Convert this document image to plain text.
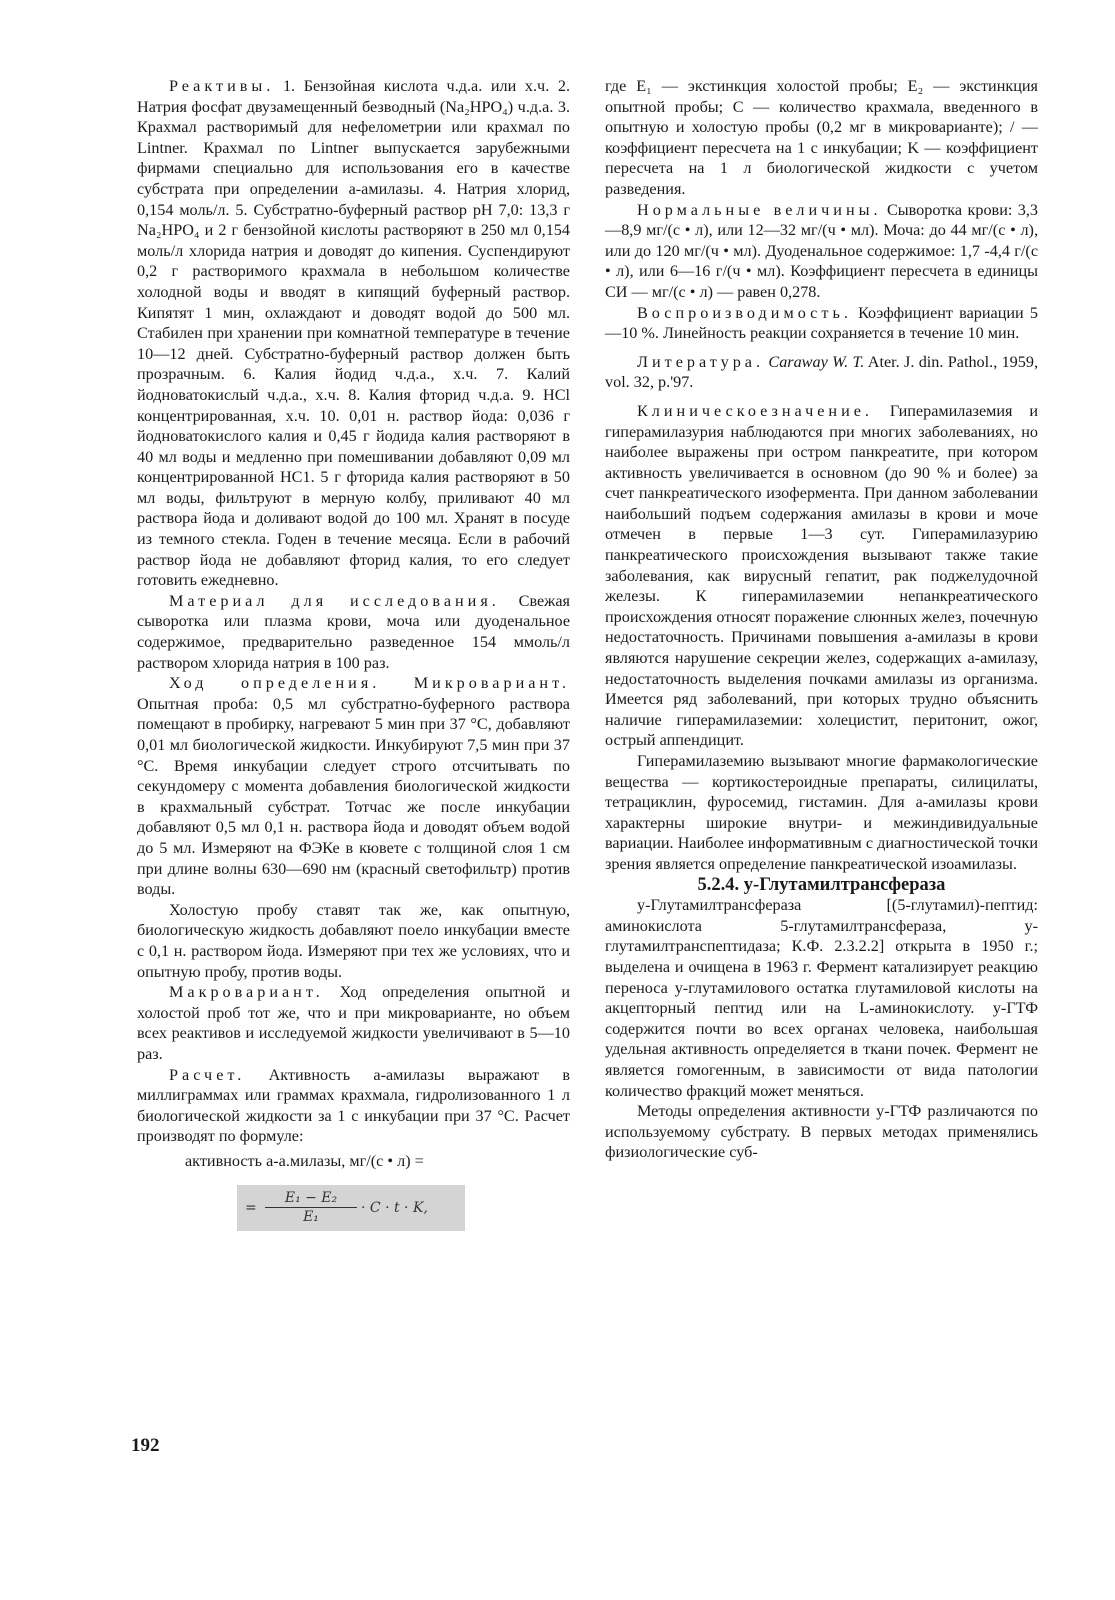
Реактивы. 1. Бензойная кислота ч.д.а. или х.ч. 2. Натрия фосфат двузамещенный безводный (Na₂HPO₄) ч.д.а. 3. Крахмал растворимый для нефелометрии или крахмал по Lintner. Крахмал по Lintner выпускается зарубежными фирмами специально для использования его в качестве субстрата при определении а-амилазы. 4. Натрия хлорид, 0,154 моль/л. 5. Субстратно-буферный раствор рН 7,0: 13,3 г Na₂HPO₄ и 2 г бензойной кислоты растворяют в 250 мл 0,154 моль/л хлорида натрия и доводят до кипения. Суспендируют 0,2 г растворимого крахмала в небольшом количестве холодной воды и вводят в кипящий буферный раствор. Кипятят 1 мин, охлаждают и доводят водой до 500 мл. Стабилен при хранении при комнатной температуре в течение 10—12 дней. Субстратно-буферный раствор должен быть прозрачным. 6. Калия йодид ч.д.а., х.ч. 7. Калий йодноватокислый ч.д.а., х.ч. 8. Калия фторид ч.д.а. 9. НСl концентрированная, х.ч. 10. 0,01 н. раствор йода: 0,036 г йодноватокислого калия и 0,45 г йодида калия растворяют в 40 мл воды и медленно при помешивании добавляют 0,09 мл концентрированной НС1. 5 г фторида калия растворяют в 50 мл воды, фильтруют в мерную колбу, приливают 40 мл раствора йода и доливают водой до 100 мл. Хранят в посуде из темного стекла. Годен в течение месяца. Если в рабочий раствор йода не добавляют фторид калия, то его следует готовить ежедневно.

Материал для исследования. Свежая сыворотка или плазма крови, моча или дуоденальное содержимое, предварительно разведенное 154 ммоль/л раствором хлорида натрия в 100 раз.

Ход определения. Микровариант. Опытная проба: 0,5 мл субстратно-буферного раствора помещают в пробирку, нагревают 5 мин при 37 °С, добавляют 0,01 мл биологической жидкости. Инкубируют 7,5 мин при 37 °С. Время инкубации следует строго отсчитывать по секундомеру с момента добавления биологической жидкости в крахмальный субстрат. Тотчас же после инкубации добавляют 0,5 мл 0,1 н. раствора йода и доводят объем водой до 5 мл. Измеряют на ФЭКе в кювете с толщиной слоя 1 см при длине волны 630—690 нм (красный светофильтр) против воды.

Холостую пробу ставят так же, как опытную, биологическую жидкость добавляют поело инкубации вместе с 0,1 н. раствором йода. Измеряют при тех же условиях, что и опытную пробу, против воды.

Макровариант. Ход определения опытной и холостой проб тот же, что и при микроварианте, но объем всех реактивов и исследуемой жидкости увеличивают в 5—10 раз.

Расчет. Активность а-амилазы выражают в миллиграммах или граммах крахмала, гидролизованного 1 л биологической жидкости за 1 с инкубации при 37 °С. Расчет производят по формуле:

активность а-а.милазы, мг/(с • л) =

= $\frac{\text{E₁ − E₂}}{\text{E₁}} \cdot C \cdot t \cdot K$,

где E₁ — экстинкция холостой пробы; E₂ — экстинкция опытной пробы; С — количество крахмала, введенного в опытную и холостую пробы (0,2 мг в микроварианте); / — коэффициент пересчета на 1 с инкубации; K — коэффициент пересчета на 1 л биологической жидкости с учетом разведения.

Нормальные величины. Сыворотка крови: 3,3—8,9 мг/(с • л), или 12—32 мг/(ч • мл). Моча: до 44 мг/(с • л), или до 120 мг/(ч • мл). Дуоденальное содержимое: 1,7 -4,4 г/(с • л), или 6—16 г/(ч • мл). Коэффициент пересчета в единицы СИ — мг/(с • л) — равен 0,278.

Воспроизводимость. Коэффициент вариации 5—10 %. Линейность реакции сохраняется в течение 10 мин.

Литература. Caraway W. T. Ater. J. din. Pathol., 1959, vol. 32, p.'97.

Клиническоезначение. Гиперамилаземия и гиперамилазурия наблюдаются при многих заболеваниях, но наиболее выражены при остром панкреатите, при котором активность увеличивается в основном (до 90 % и более) за счет панкреатического изофермента. При данном заболевании наибольший подъем содержания амилазы в крови и моче отмечен в первые 1—3 сут. Гиперамилазурию панкреатического происхождения вызывают также такие заболевания, как вирусный гепатит, рак поджелудочной железы. К гиперамилаземии непанкреатического происхождения относят поражение слюнных желез, почечную недостаточность. Причинами повышения а-амилазы в крови являются нарушение секреции желез, содержащих а-амилазу, недостаточность выделения почками амилазы из организма. Имеется ряд заболеваний, при которых трудно объяснить наличие гиперамилаземии: холецистит, перитонит, ожог, острый аппендицит.

Гиперамилаземию вызывают многие фармакологические вещества — кортикостероидные препараты, силицилаты, тетрациклин, фуросемид, гистамин. Для а-амилазы крови характерны широкие внутри- и межиндивидуальные вариации. Наиболее информативным с диагностической точки зрения является определение панкреатической изоамилазы.

5.2.4. у-Глутамилтрансфераза

у-Глутамилтрансфераза [(5-глутамил)-пептид: аминокислота 5-глутамилтрансфераза, у-глутамилтранспептидаза; К.Ф. 2.3.2.2] открыта в 1950 г.; выделена и очищена в 1963 г. Фермент катализирует реакцию переноса у-глутамилового остатка глутамиловой кислоты на акцепторный пептид или на L-аминокислоту. у-ГТФ содержится почти во всех органах человека, наибольшая удельная активность определяется в ткани почек. Фермент не является гомогенным, в зависимости от вида патологии количество фракций может меняться.

Методы определения активности у-ГТФ различаются по используемому субстрату. В первых методах применялись физиологические суб-

192
